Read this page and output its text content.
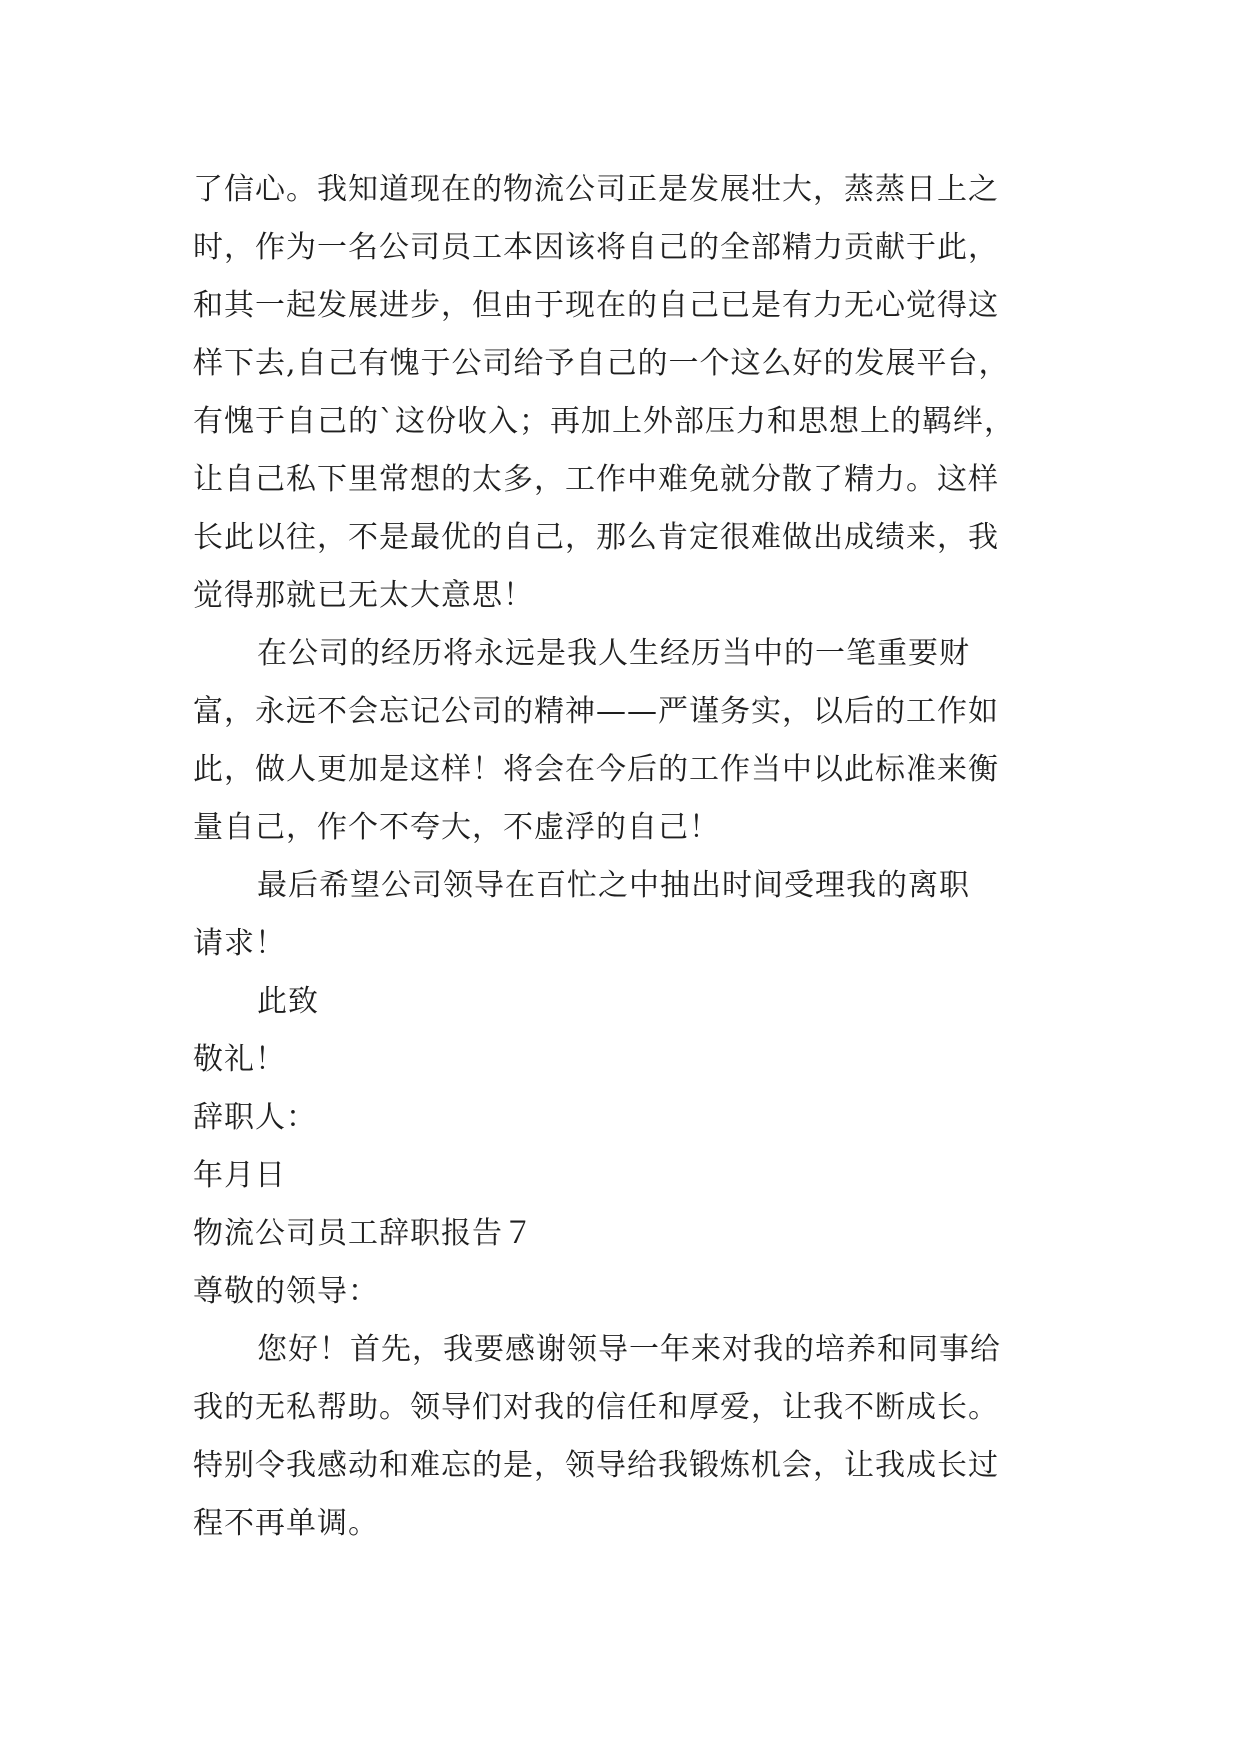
了信心。我知道现在的物流公司正是发展壮大，蒸蒸日上之
时，作为一名公司员工本因该将自己的全部精力贡献于此，
和其一起发展进步，但由于现在的自己已是有力无心觉得这
样下去,自己有愧于公司给予自己的一个这么好的发展平台，
有愧于自己的`这份收入；再加上外部压力和思想上的羁绊，
让自己私下里常想的太多，工作中难免就分散了精力。这样
长此以往，不是最优的自己，那么肯定很难做出成绩来，我
觉得那就已无太大意思！
在公司的经历将永远是我人生经历当中的一笔重要财
富，永远不会忘记公司的精神——严谨务实，以后的工作如
此，做人更加是这样！将会在今后的工作当中以此标准来衡
量自己，作个不夸大，不虚浮的自己！
最后希望公司领导在百忙之中抽出时间受理我的离职
请求！
此致
敬礼！
辞职人：
年月日
物流公司员工辞职报告７
尊敬的领导：
您好！首先，我要感谢领导一年来对我的培养和同事给
我的无私帮助。领导们对我的信任和厚爱，让我不断成长。
特别令我感动和难忘的是，领导给我锻炼机会，让我成长过
程不再单调。
